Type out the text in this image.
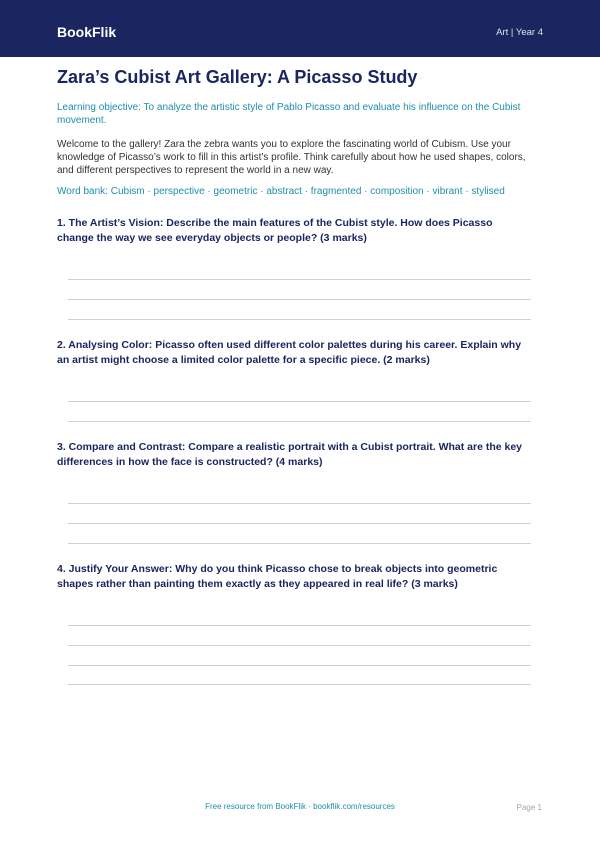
BookFlik	Art | Year 4
Zara’s Cubist Art Gallery: A Picasso Study
Learning objective: To analyze the artistic style of Pablo Picasso and evaluate his influence on the Cubist movement.
Welcome to the gallery! Zara the zebra wants you to explore the fascinating world of Cubism. Use your knowledge of Picasso’s work to fill in this artist’s profile. Think carefully about how he used shapes, colors, and different perspectives to represent the world in a new way.
Word bank: Cubism · perspective · geometric · abstract · fragmented · composition · vibrant · stylised
1. The Artist’s Vision: Describe the main features of the Cubist style. How does Picasso change the way we see everyday objects or people? (3 marks)
2. Analysing Color: Picasso often used different color palettes during his career. Explain why an artist might choose a limited color palette for a specific piece. (2 marks)
3. Compare and Contrast: Compare a realistic portrait with a Cubist portrait. What are the key differences in how the face is constructed? (4 marks)
4. Justify Your Answer: Why do you think Picasso chose to break objects into geometric shapes rather than painting them exactly as they appeared in real life? (3 marks)
Free resource from BookFlik · bookflik.com/resources	Page 1
